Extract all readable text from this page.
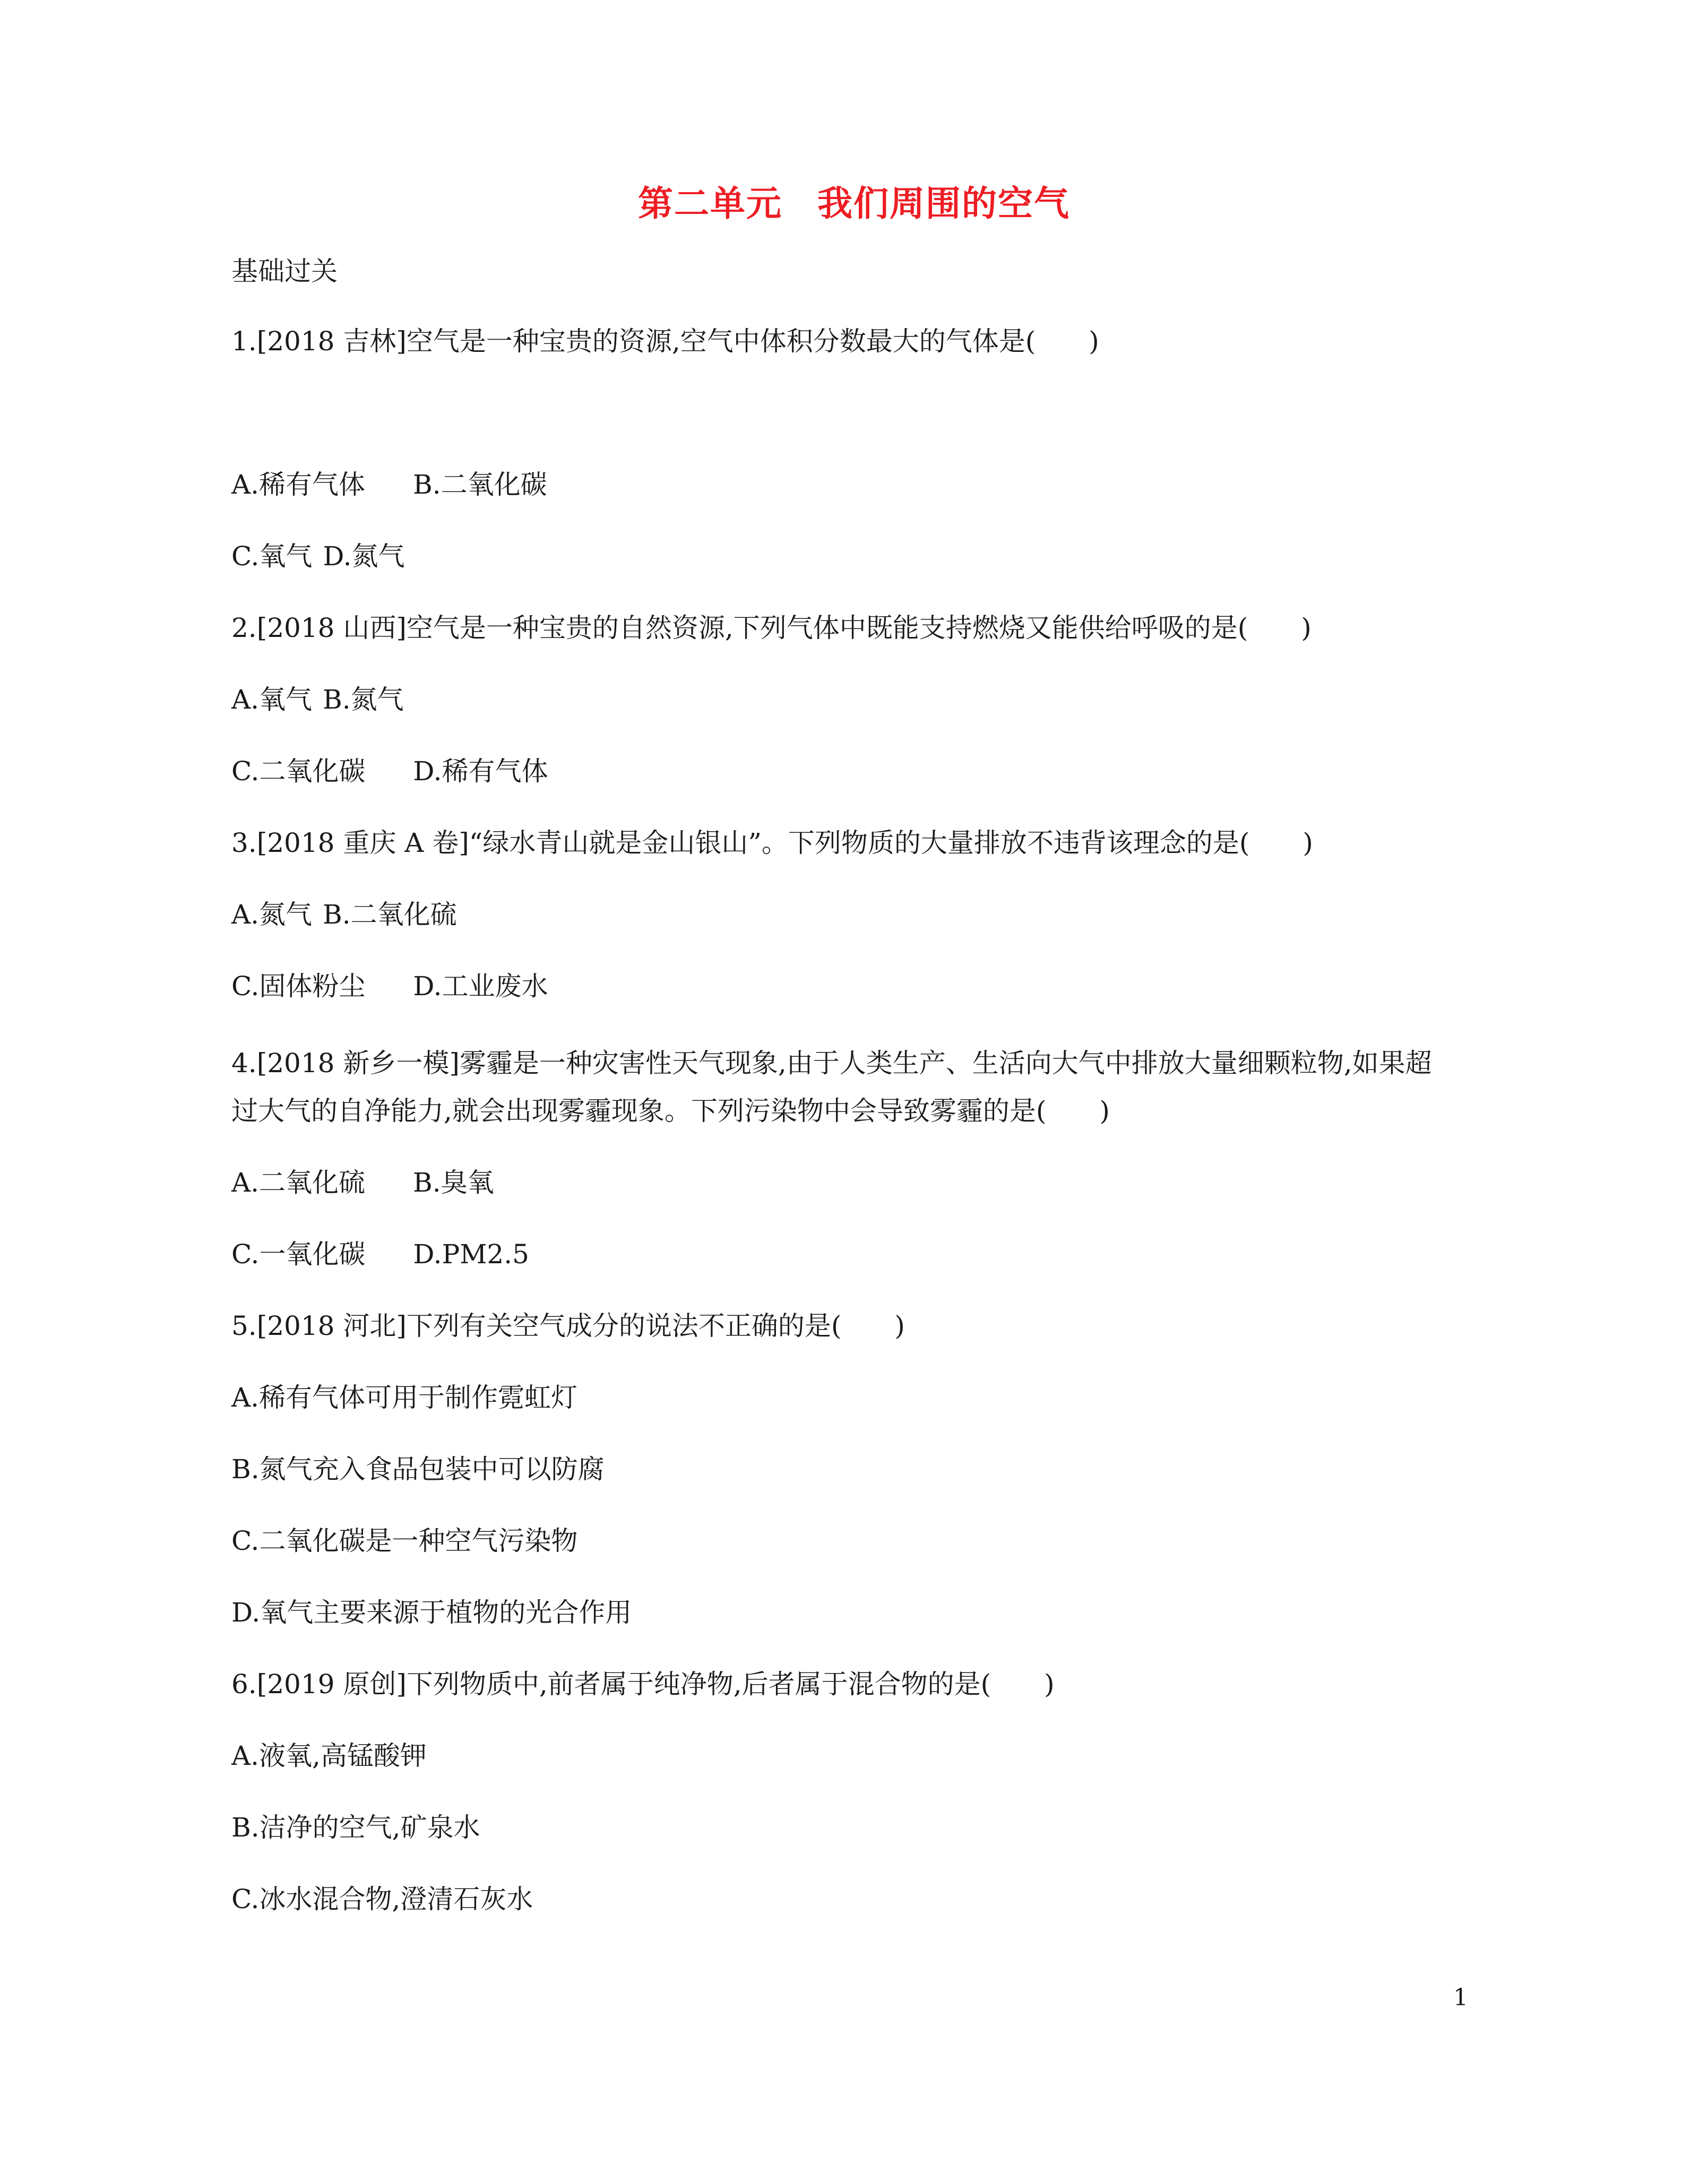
第二单元 我们周围的空气
基础过关
1.[2018 吉林]空气是一种宝贵的资源,空气中体积分数最大的气体是(　　)
A.稀有气体 B.二氧化碳
C.氧气 D.氮气
2.[2018 山西]空气是一种宝贵的自然资源,下列气体中既能支持燃烧又能供给呼吸的是(　　)
A.氧气 B.氮气
C.二氧化碳 D.稀有气体
3.[2018 重庆 A 卷]“绿水青山就是金山银山”。下列物质的大量排放不违背该理念的是(　　)
A.氮气 B.二氧化硫
C.固体粉尘 D.工业废水
4.[2018 新乡一模]雾霾是一种灾害性天气现象,由于人类生产、生活向大气中排放大量细颗粒物,如果超
过大气的自净能力,就会出现雾霾现象。下列污染物中会导致雾霾的是(　　)
A.二氧化硫 B.臭氧
C.一氧化碳 D.PM2.5
5.[2018 河北]下列有关空气成分的说法不正确的是(　　)
A.稀有气体可用于制作霓虹灯
B.氮气充入食品包装中可以防腐
C.二氧化碳是一种空气污染物
D.氧气主要来源于植物的光合作用
6.[2019 原创]下列物质中,前者属于纯净物,后者属于混合物的是(　　)
A.液氧,高锰酸钾
B.洁净的空气,矿泉水
C.冰水混合物,澄清石灰水
1
